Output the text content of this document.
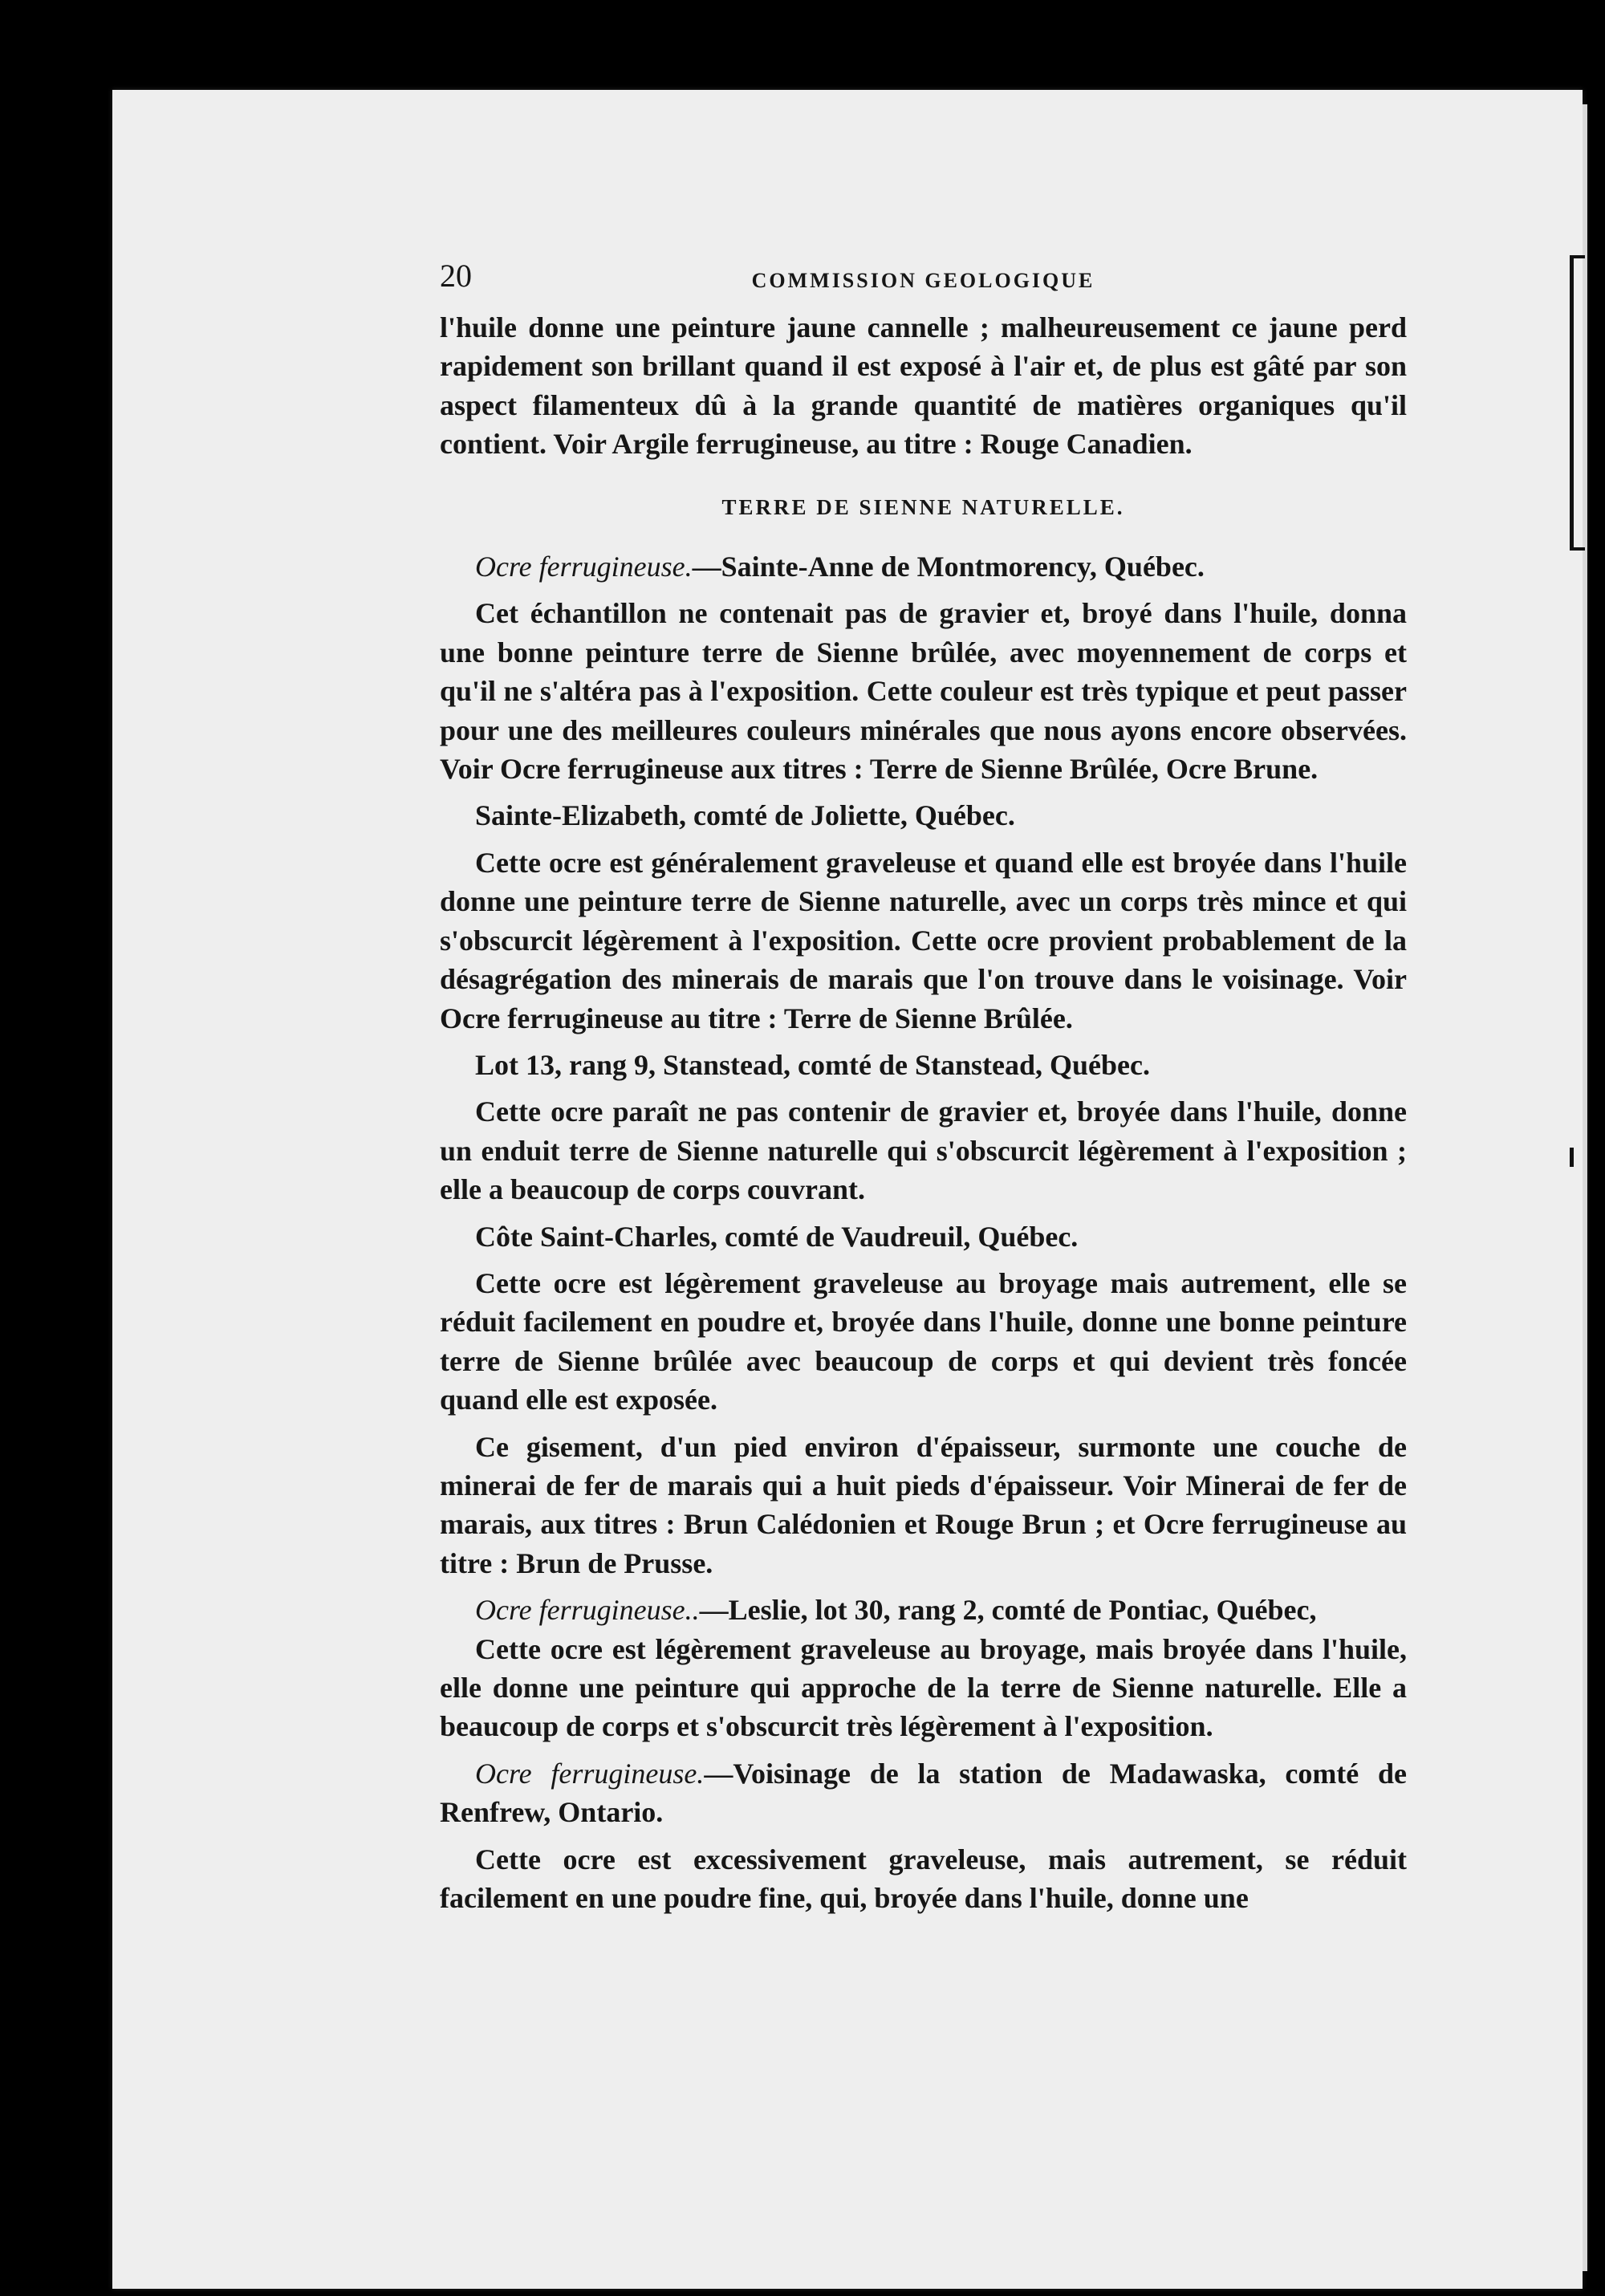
20	COMMISSION GEOLOGIQUE

l'huile donne une peinture jaune cannelle ; malheureusement ce jaune perd rapidement son brillant quand il est exposé à l'air et, de plus est gâté par son aspect filamenteux dû à la grande quantité de matières organiques qu'il contient. Voir Argile ferrugineuse, au titre : Rouge Canadien.

TERRE DE SIENNE NATURELLE.

Ocre ferrugineuse.—Sainte-Anne de Montmorency, Québec.

Cet échantillon ne contenait pas de gravier et, broyé dans l'huile, donna une bonne peinture terre de Sienne brûlée, avec moyennement de corps et qu'il ne s'altéra pas à l'exposition. Cette couleur est très typique et peut passer pour une des meilleures couleurs minérales que nous ayons encore observées. Voir Ocre ferrugineuse aux titres : Terre de Sienne Brûlée, Ocre Brune.

Sainte-Elizabeth, comté de Joliette, Québec.

Cette ocre est généralement graveleuse et quand elle est broyée dans l'huile donne une peinture terre de Sienne naturelle, avec un corps très mince et qui s'obscurcit légèrement à l'exposition. Cette ocre provient probablement de la désagrégation des minerais de marais que l'on trouve dans le voisinage. Voir Ocre ferrugineuse au titre : Terre de Sienne Brûlée.

Lot 13, rang 9, Stanstead, comté de Stanstead, Québec.

Cette ocre paraît ne pas contenir de gravier et, broyée dans l'huile, donne un enduit terre de Sienne naturelle qui s'obscurcit légèrement à l'exposition ; elle a beaucoup de corps couvrant.

Côte Saint-Charles, comté de Vaudreuil, Québec.

Cette ocre est légèrement graveleuse au broyage mais autrement, elle se réduit facilement en poudre et, broyée dans l'huile, donne une bonne peinture terre de Sienne brûlée avec beaucoup de corps et qui devient très foncée quand elle est exposée.

Ce gisement, d'un pied environ d'épaisseur, surmonte une couche de minerai de fer de marais qui a huit pieds d'épaisseur. Voir Minerai de fer de marais, aux titres : Brun Calédonien et Rouge Brun ; et Ocre ferrugineuse au titre : Brun de Prusse.

Ocre ferrugineuse..—Leslie, lot 30, rang 2, comté de Pontiac, Québec,

Cette ocre est légèrement graveleuse au broyage, mais broyée dans l'huile, elle donne une peinture qui approche de la terre de Sienne naturelle. Elle a beaucoup de corps et s'obscurcit très légèrement à l'exposition.

Ocre ferrugineuse.—Voisinage de la station de Madawaska, comté de Renfrew, Ontario.

Cette ocre est excessivement graveleuse, mais autrement, se réduit facilement en une poudre fine, qui, broyée dans l'huile, donne une
